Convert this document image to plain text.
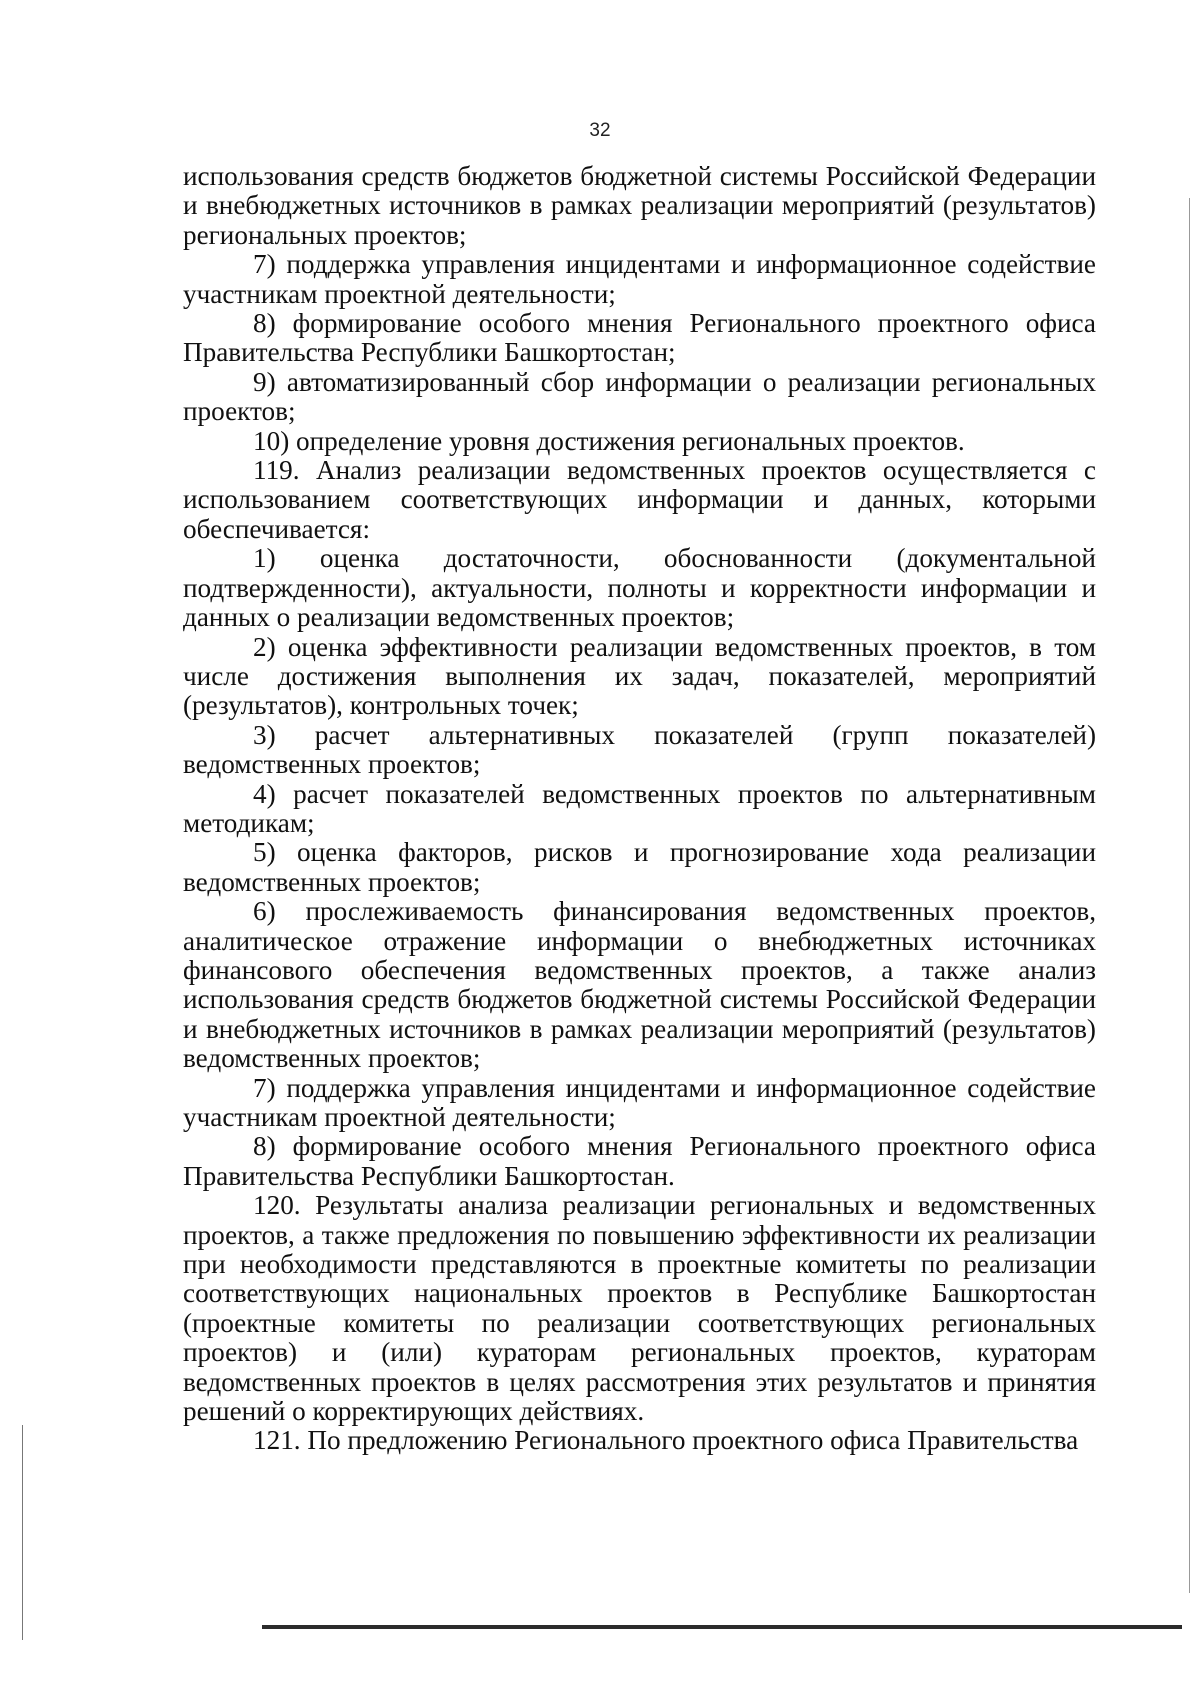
32

использования средств бюджетов бюджетной системы Российской Федерации и внебюджетных источников в рамках реализации мероприятий (результатов) региональных проектов;

7) поддержка управления инцидентами и информационное содействие участникам проектной деятельности;

8) формирование особого мнения Регионального проектного офиса Правительства Республики Башкортостан;

9) автоматизированный сбор информации о реализации региональных проектов;

10) определение уровня достижения региональных проектов.

119. Анализ реализации ведомственных проектов осуществляется с использованием соответствующих информации и данных, которыми обеспечивается:

1) оценка достаточности, обоснованности (документальной подтвержденности), актуальности, полноты и корректности информации и данных о реализации ведомственных проектов;

2) оценка эффективности реализации ведомственных проектов, в том числе достижения выполнения их задач, показателей, мероприятий (результатов), контрольных точек;

3) расчет альтернативных показателей (групп показателей) ведомственных проектов;

4) расчет показателей ведомственных проектов по альтернативным методикам;

5) оценка факторов, рисков и прогнозирование хода реализации ведомственных проектов;

6) прослеживаемость финансирования ведомственных проектов, аналитическое отражение информации о внебюджетных источниках финансового обеспечения ведомственных проектов, а также анализ использования средств бюджетов бюджетной системы Российской Федерации и внебюджетных источников в рамках реализации мероприятий (результатов) ведомственных проектов;

7) поддержка управления инцидентами и информационное содействие участникам проектной деятельности;

8) формирование особого мнения Регионального проектного офиса Правительства Республики Башкортостан.

120. Результаты анализа реализации региональных и ведомственных проектов, а также предложения по повышению эффективности их реализации при необходимости представляются в проектные комитеты по реализации соответствующих национальных проектов в Республике Башкортостан (проектные комитеты по реализации соответствующих региональных проектов) и (или) кураторам региональных проектов, кураторам ведомственных проектов в целях рассмотрения этих результатов и принятия решений о корректирующих действиях.

121. По предложению Регионального проектного офиса Правительства
